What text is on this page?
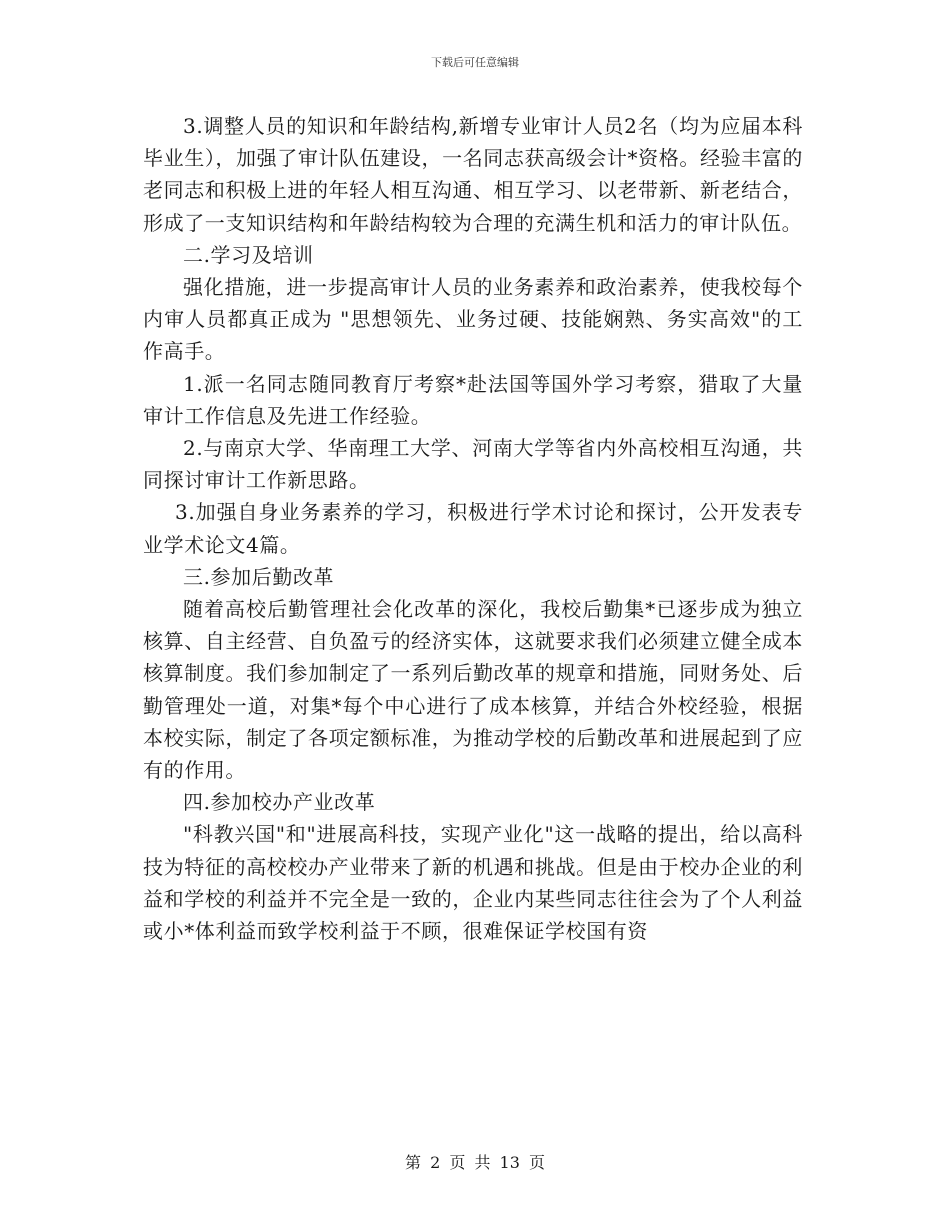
下载后可任意编辑

3.调整人员的知识和年龄结构,新增专业审计人员2名（均为应届本科毕业生），加强了审计队伍建设，一名同志获高级会计*资格。经验丰富的老同志和积极上进的年轻人相互沟通、相互学习、以老带新、新老结合，形成了一支知识结构和年龄结构较为合理的充满生机和活力的审计队伍。

二.学习及培训

强化措施，进一步提高审计人员的业务素养和政治素养，使我校每个内审人员都真正成为 "思想领先、业务过硬、技能娴熟、务实高效"的工作高手。

1.派一名同志随同教育厅考察*赴法国等国外学习考察，猎取了大量审计工作信息及先进工作经验。

2.与南京大学、华南理工大学、河南大学等省内外高校相互沟通，共同探讨审计工作新思路。

3.加强自身业务素养的学习，积极进行学术讨论和探讨，公开发表专业学术论文4篇。

三.参加后勤改革

随着高校后勤管理社会化改革的深化，我校后勤集*已逐步成为独立核算、自主经营、自负盈亏的经济实体，这就要求我们必须建立健全成本核算制度。我们参加制定了一系列后勤改革的规章和措施，同财务处、后勤管理处一道，对集*每个中心进行了成本核算，并结合外校经验，根据本校实际，制定了各项定额标准，为推动学校的后勤改革和进展起到了应有的作用。

四.参加校办产业改革

"科教兴国"和"进展高科技，实现产业化"这一战略的提出，给以高科技为特征的高校校办产业带来了新的机遇和挑战。但是由于校办企业的利益和学校的利益并不完全是一致的，企业内某些同志往往会为了个人利益或小*体利益而致学校利益于不顾，很难保证学校国有资

第 2 页 共 13 页
